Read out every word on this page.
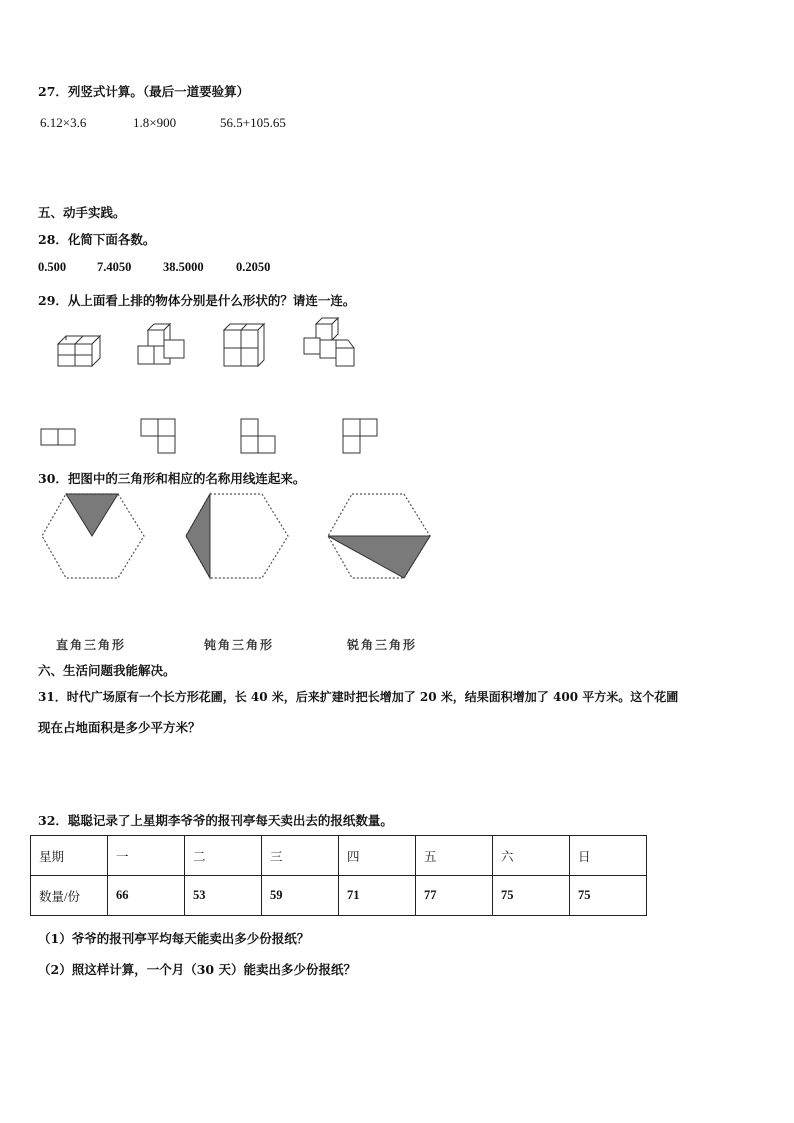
27．列竖式计算。（最后一道要验算）
6.12×3.6	1.8×900	56.5+105.65
五、动手实践。
28．化简下面各数。
0.500 7.4050	38.5000	0.2050
29．从上面看上排的物体分别是什么形状的？请连一连。
30．把图中的三角形和相应的名称用线连起来。
直角三角形	钝角三角形	锐角三角形
六、生活问题我能解决。
31．时代广场原有一个长方形花圃，长 40 米，后来扩建时把长增加了 20 米，结果面积增加了 400 平方米。这个花圃
现在占地面积是多少平方米？
32．聪聪记录了上星期李爷爷的报刊亭每天卖出去的报纸数量。
星期	一	二	三	四	五	六	日
数量/份	66	53	59	71	77	75	75
（1）爷爷的报刊亭平均每天能卖出多少份报纸？
（2）照这样计算，一个月（30 天）能卖出多少份报纸？
